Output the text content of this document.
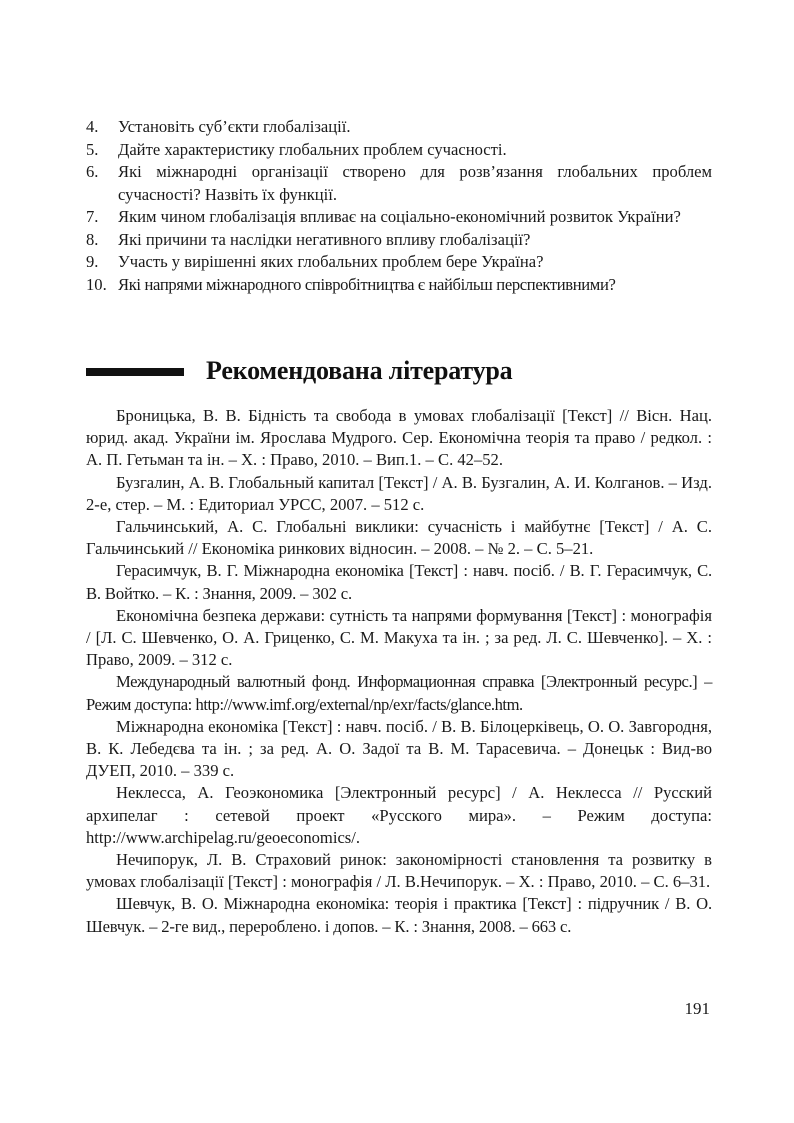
4.	Установіть суб’єкти глобалізації.
5.	Дайте характеристику глобальних проблем сучасності.
6.	Які міжнародні організації створено для розв’язання глобальних проблем сучасності? Назвіть їх функції.
7.	Яким чином глобалізація впливає на соціально-економічний розвиток України?
8.	Які причини та наслідки негативного впливу глобалізації?
9.	Участь у вирішенні яких глобальних проблем бере Україна?
10. Які напрями міжнародного співробітництва є найбільш перспективними?
Рекомендована література

Броницька, В. В. Бідність та свобода в умовах глобалізації [Текст] // Вісн. Нац. юрид. акад. України ім. Ярослава Мудрого. Сер. Економічна теорія та право / редкол. : А. П. Гетьман та ін. – Х. : Право, 2010. – Вип.1. – С. 42–52.

Бузгалин, А. В. Глобальный капитал [Текст] / А. В. Бузгалин, А. И. Колганов. – Изд. 2-е, стер. – М. : Едиториал УРСС, 2007. – 512 с.

Гальчинський, А. С. Глобальні виклики: сучасність і майбутнє [Текст] / А. С. Гальчинський // Економіка ринкових відносин. – 2008. – № 2. – С. 5–21.

Герасимчук, В. Г. Міжнародна економіка [Текст] : навч. посіб. / В. Г. Герасимчук, С. В. Войтко. – К. : Знання, 2009. – 302 с.

Економічна безпека держави: сутність та напрями формування [Текст] : монографія / [Л. С. Шевченко, О. А. Гриценко, С. М. Макуха та ін. ; за ред. Л. С. Шевченко]. – Х. : Право, 2009. – 312 с.

Международный валютный фонд. Информационная справка [Электронный ресурс.] – Режим доступа: http://www.imf.org/external/np/exr/facts/glance.htm.

Міжнародна економіка [Текст] : навч. посіб. / В. В. Білоцерківець, О. О. Завгородня, В. К. Лебедєва та ін. ; за ред. А. О. Задої та В. М. Тарасевича. – Донецьк : Вид-во ДУЕП, 2010. – 339 с.

Неклесса, А. Геоэкономика [Электронный ресурс] / А. Неклесса // Русский архипелаг : сетевой проект «Русского мира». – Режим доступа: http://www.archipelag.ru/geoeconomics/.

Нечипорук, Л. В. Страховий ринок: закономірності становлення та розвитку в умовах глобалізації [Текст] : монографія / Л. В.Нечипорук. – Х. : Право, 2010. – С. 6–31.

Шевчук, В. О. Міжнародна економіка: теорія і практика [Текст] : підручник / В. О. Шевчук. – 2-ге вид., перероблено. і допов. – К. : Знання, 2008. – 663 с.

191
